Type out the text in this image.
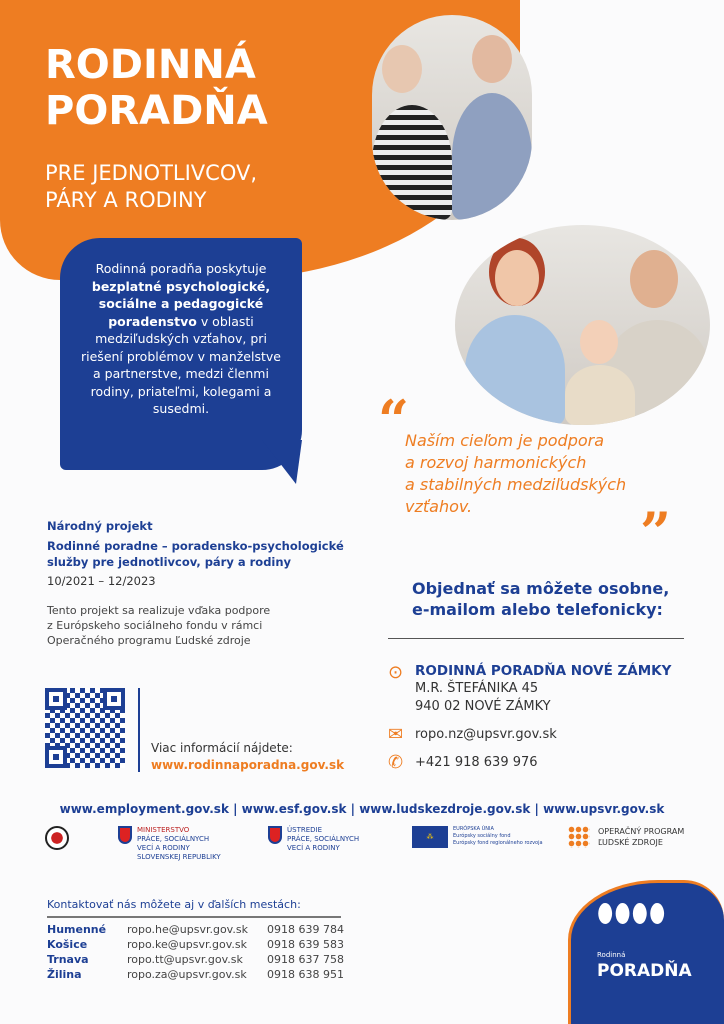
RODINNÁ
PORADŇA
PRE JEDNOTLIVCOV,
PÁRY A RODINY
Rodinná poradňa poskytuje bezplatné psychologické, sociálne a pedagogické poradenstvo v oblasti medziľudských vzťahov, pri riešení problémov v manželstve a partnerstve, medzi členmi rodiny, priateľmi, kolegami a susedmi.	“
Naším cieľom je podpora
a rozvoj harmonických
a stabilných medziľudských
vzťahov.	”
Národný projekt
Rodinné poradne – poradensko-psychologické
služby pre jednotlivcov, páry a rodiny
10/2021 – 12/2023
Tento projekt sa realizuje vďaka podpore
z Európskeho sociálneho fondu v rámci
Operačného programu Ľudské zdroje
Viac informácií nájdete:
www.rodinnaporadna.gov.sk
Objednať sa môžete osobne,
e-mailom alebo telefonicky:
⊙ RODINNÁ PORADŇA NOVÉ ZÁMKY
M.R. ŠTEFÁNIKA 45
940 02 NOVÉ ZÁMKY
✉ ropo.nz@upsvr.gov.sk
✆ +421 918 639 976
www.employment.gov.sk | www.esf.gov.sk | www.ludskezdroje.gov.sk | www.upsvr.gov.sk
MINISTERSTVO
PRÁCE, SOCIÁLNYCH
VECÍ A RODINY
SLOVENSKEJ REPUBLIKY
ÚSTREDIE
PRÁCE, SOCIÁLNYCH
VECÍ A RODINY
⁂
EURÓPSKA ÚNIA
Európsky sociálny fond
Európsky fond regionálneho rozvoja
OPERAČNÝ PROGRAM
ĽUDSKÉ ZDROJE
Kontaktovať nás môžete aj v ďalších mestách:
Humenné	ropo.he@upsvr.gov.sk	0918 639 784
Košice	ropo.ke@upsvr.gov.sk	0918 639 583
Trnava	ropo.tt@upsvr.gov.sk	0918 637 758
Žilina	ropo.za@upsvr.gov.sk	0918 638 951
⬮⬮⬮⬮
Rodinná
PORADŇA
